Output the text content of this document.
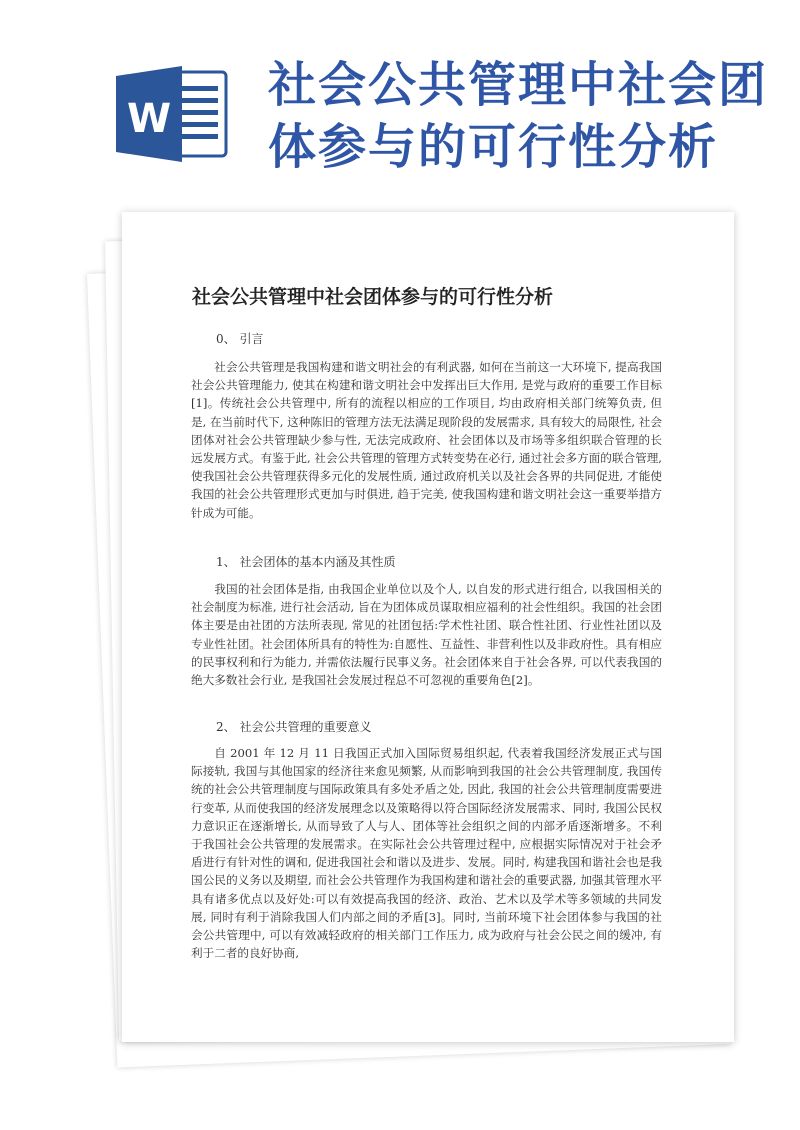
W
社会公共管理中社会团
体参与的可行性分析
社会公共管理中社会团体参与的可行性分析
0、 引言

社会公共管理是我国构建和谐文明社会的有利武器, 如何在当前这一大环境下, 提高我国社会公共管理能力, 使其在构建和谐文明社会中发挥出巨大作用, 是党与政府的重要工作目标[1]。传统社会公共管理中, 所有的流程以相应的工作项目, 均由政府相关部门统筹负责, 但是, 在当前时代下, 这种陈旧的管理方法无法满足现阶段的发展需求, 具有较大的局限性, 社会团体对社会公共管理缺少参与性, 无法完成政府、社会团体以及市场等多组织联合管理的长远发展方式。有鉴于此, 社会公共管理的管理方式转变势在必行, 通过社会多方面的联合管理, 使我国社会公共管理获得多元化的发展性质, 通过政府机关以及社会各界的共同促进, 才能使我国的社会公共管理形式更加与时俱进, 趋于完美, 使我国构建和谐文明社会这一重要举措方针成为可能。

1、 社会团体的基本内涵及其性质

我国的社会团体是指, 由我国企业单位以及个人, 以自发的形式进行组合, 以我国相关的社会制度为标准, 进行社会活动, 旨在为团体成员谋取相应福利的社会性组织。我国的社会团体主要是由社团的方法所表现, 常见的社团包括:学术性社团、联合性社团、行业性社团以及专业性社团。社会团体所具有的特性为:自愿性、互益性、非营利性以及非政府性。具有相应的民事权利和行为能力, 并需依法履行民事义务。社会团体来自于社会各界, 可以代表我国的绝大多数社会行业, 是我国社会发展过程总不可忽视的重要角色[2]。

2、 社会公共管理的重要意义

自 2001 年 12 月 11 日我国正式加入国际贸易组织起, 代表着我国经济发展正式与国际接轨, 我国与其他国家的经济往来愈见频繁, 从而影响到我国的社会公共管理制度, 我国传统的社会公共管理制度与国际政策具有多处矛盾之处, 因此, 我国的社会公共管理制度需要进行变革, 从而使我国的经济发展理念以及策略得以符合国际经济发展需求、同时, 我国公民权力意识正在逐渐增长, 从而导致了人与人、团体等社会组织之间的内部矛盾逐渐增多。不利于我国社会公共管理的发展需求。在实际社会公共管理过程中, 应根据实际情况对于社会矛盾进行有针对性的调和, 促进我国社会和谐以及进步、发展。同时, 构建我国和谐社会也是我国公民的义务以及期望, 而社会公共管理作为我国构建和谐社会的重要武器, 加强其管理水平具有诸多优点以及好处:可以有效提高我国的经济、政治、艺术以及学术等多领域的共同发展, 同时有利于消除我国人们内部之间的矛盾[3]。同时, 当前环境下社会团体参与我国的社会公共管理中, 可以有效减轻政府的相关部门工作压力, 成为政府与社会公民之间的缓冲, 有利于二者的良好协商,
